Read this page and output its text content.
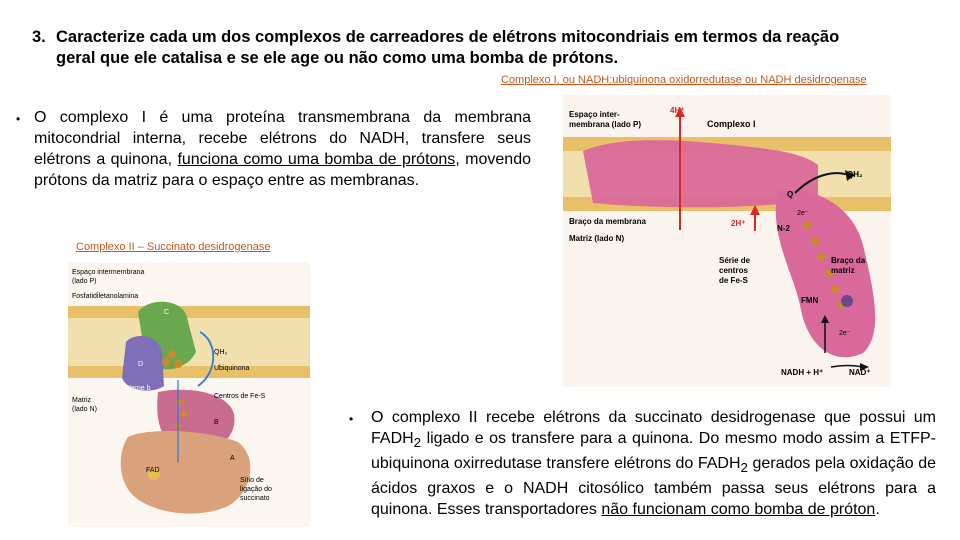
3. Caracterize cada um dos complexos de carreadores de elétrons mitocondriais em termos da reação
geral que ele catalisa e se ele age ou não como uma bomba de prótons.
Complexo I, ou NADH:ubiquinona oxidorredutase ou NADH desidrogenase
• O complexo I é uma proteína transmembrana da membrana mitocondrial interna, recebe elétrons do NADH, transfere seus elétrons a quinona, funciona como uma bomba de prótons, movendo prótons da matriz para o espaço entre as membranas.
Espaço inter-
membrana (lado P)
4H⁺
Complexo I
QH₂
Q
2e⁻
Braço da membrana	2H⁺
N-2
Matriz (lado N)
Série de
centros
de Fe-S
Braço da
matriz
FMN
2e⁻
NADH + H⁺	NAD⁺
Complexo II – Succinato desidrogenase
Espaço intermembrana
(lado P)
Fosfatidiletanolamina
C
QH₂
Ubiquinona
D
Heme b
Centros de Fe-S
Matriz
(lado N)
B
A
FAD
Sítio de
ligação do
succinato
• O complexo II recebe elétrons da succinato desidrogenase que possui um $FADH_2$ ligado e os transfere para a quinona. Do mesmo modo assim a ETFP- ubiquinona oxirredutase transfere elétrons do $FADH_2$ gerados pela oxidação de ácidos graxos e o NADH citosólico também passa seus elétrons para a quinona. Esses transportadores não funcionam como bomba de próton.
